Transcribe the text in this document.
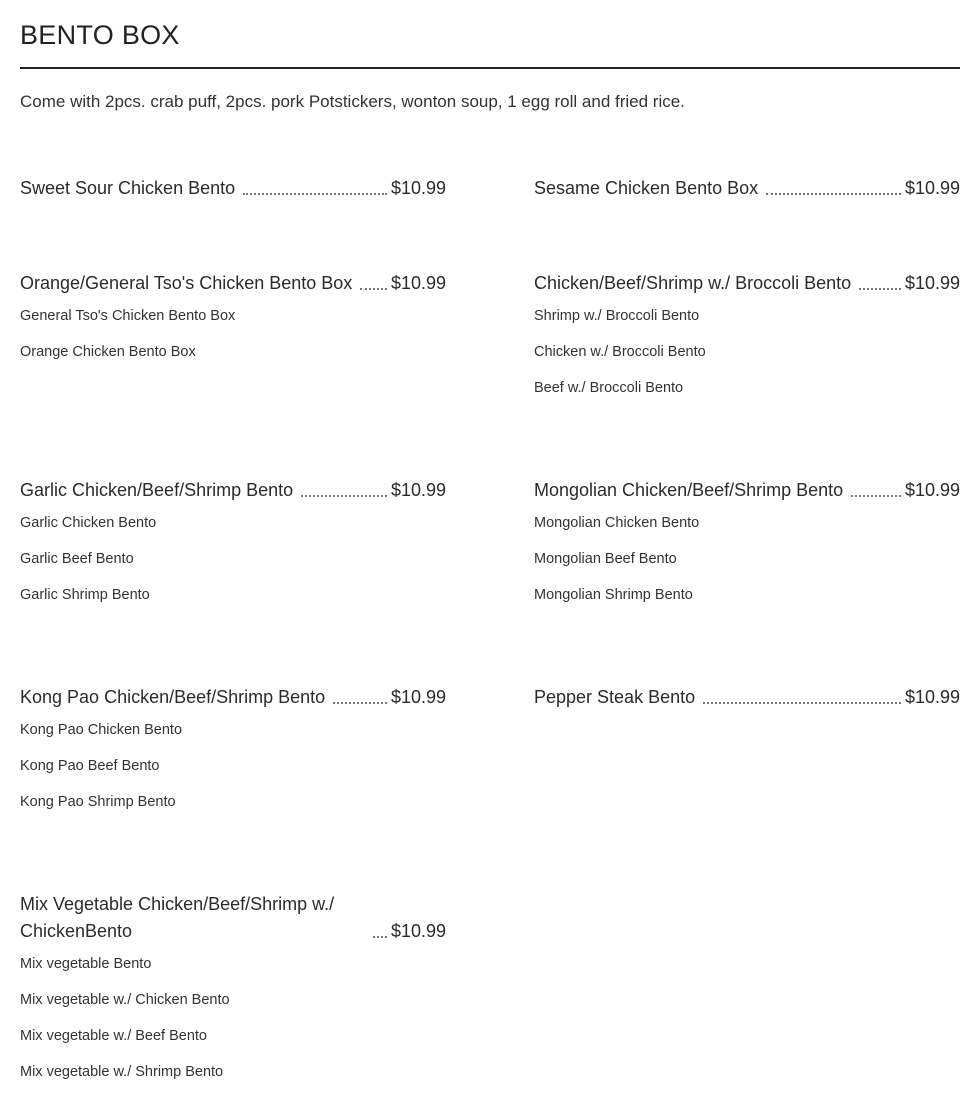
BENTO BOX
Come with 2pcs. crab puff, 2pcs. pork Potstickers, wonton soup, 1 egg roll and fried rice.
Sweet Sour Chicken Bento	$10.99	Sesame Chicken Bento Box	$10.99
Orange/General Tso's Chicken Bento Box $10.99
General Tso's Chicken Bento Box
Orange Chicken Bento Box
Chicken/Beef/Shrimp w./ Broccoli Bento	$10.99
Shrimp w./ Broccoli Bento
Chicken w./ Broccoli Bento
Beef w./ Broccoli Bento
Garlic Chicken/Beef/Shrimp Bento	$10.99
Garlic Chicken Bento
Garlic Beef Bento
Garlic Shrimp Bento
Mongolian Chicken/Beef/Shrimp Bento	$10.99
Mongolian Chicken Bento
Mongolian Beef Bento
Mongolian Shrimp Bento
Kong Pao Chicken/Beef/Shrimp Bento	$10.99
Kong Pao Chicken Bento
Kong Pao Beef Bento
Kong Pao Shrimp Bento
Pepper Steak Bento	$10.99
Mix Vegetable Chicken/Beef/Shrimp w./ ChickenBento	$10.99
Mix vegetable Bento
Mix vegetable w./ Chicken Bento
Mix vegetable w./ Beef Bento
Mix vegetable w./ Shrimp Bento
